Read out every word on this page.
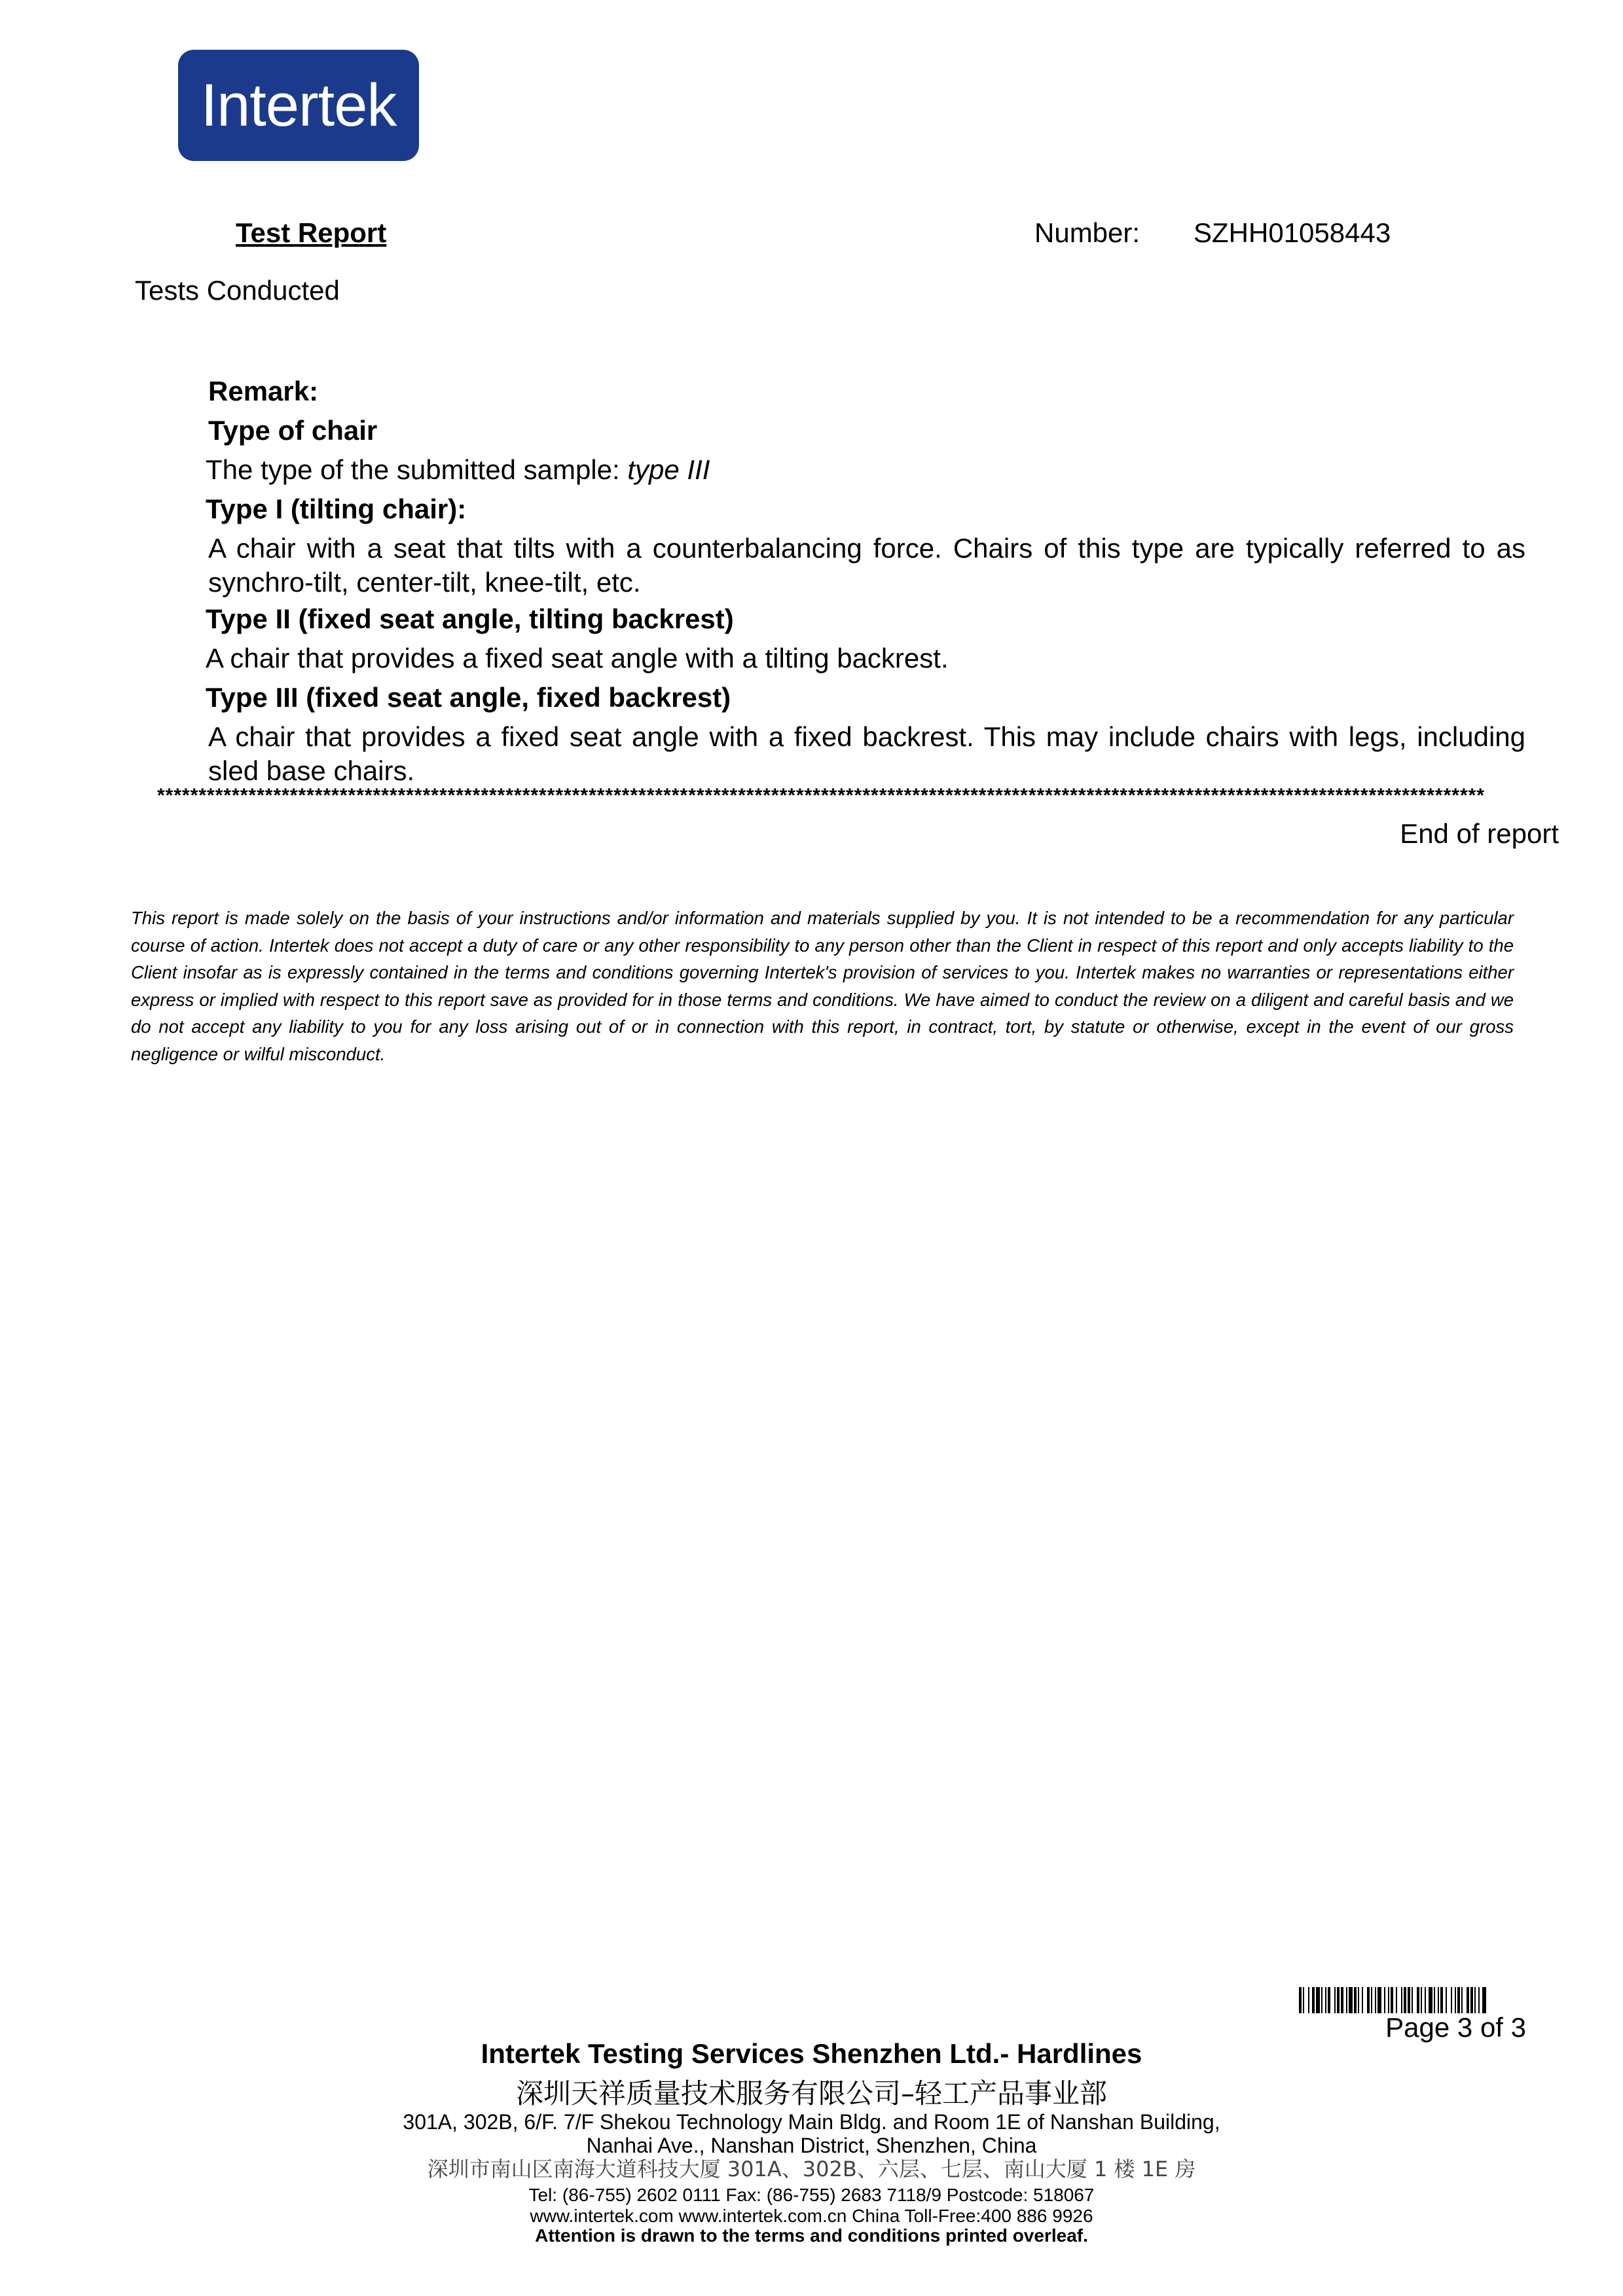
Intertek
Test Report	Number: SZHH01058443
Tests Conducted
Remark:
Type of chair
The type of the submitted sample: type III
Type I (tilting chair):
A chair with a seat that tilts with a counterbalancing force. Chairs of this type are typically referred to as synchro-tilt, center-tilt, knee-tilt, etc.
Type II (fixed seat angle, tilting backrest)
A chair that provides a fixed seat angle with a tilting backrest.
Type III (fixed seat angle, fixed backrest)
A chair that provides a fixed seat angle with a fixed backrest. This may include chairs with legs, including sled base chairs.
****************************************************************************************************************************************************************
End of report
This report is made solely on the basis of your instructions and/or information and materials supplied by you. It is not intended to be a recommendation for any particular course of action. Intertek does not accept a duty of care or any other responsibility to any person other than the Client in respect of this report and only accepts liability to the Client insofar as is expressly contained in the terms and conditions governing Intertek's provision of services to you. Intertek makes no warranties or representations either express or implied with respect to this report save as provided for in those terms and conditions. We have aimed to conduct the review on a diligent and careful basis and we do not accept any liability to you for any loss arising out of or in connection with this report, in contract, tort, by statute or otherwise, except in the event of our gross negligence or wilful misconduct.
Page 3 of 3
Intertek Testing Services Shenzhen Ltd.- Hardlines
深圳天祥质量技术服务有限公司–轻工产品事业部
301A, 302B, 6/F. 7/F Shekou Technology Main Bldg. and Room 1E of Nanshan Building,
Nanhai Ave., Nanshan District, Shenzhen, China
深圳市南山区南海大道科技大厦 301A、302B、六层、七层、南山大厦 1 楼 1E 房
Tel: (86-755) 2602 0111 Fax: (86-755) 2683 7118/9 Postcode: 518067
www.intertek.com www.intertek.com.cn China Toll-Free:400 886 9926
Attention is drawn to the terms and conditions printed overleaf.
